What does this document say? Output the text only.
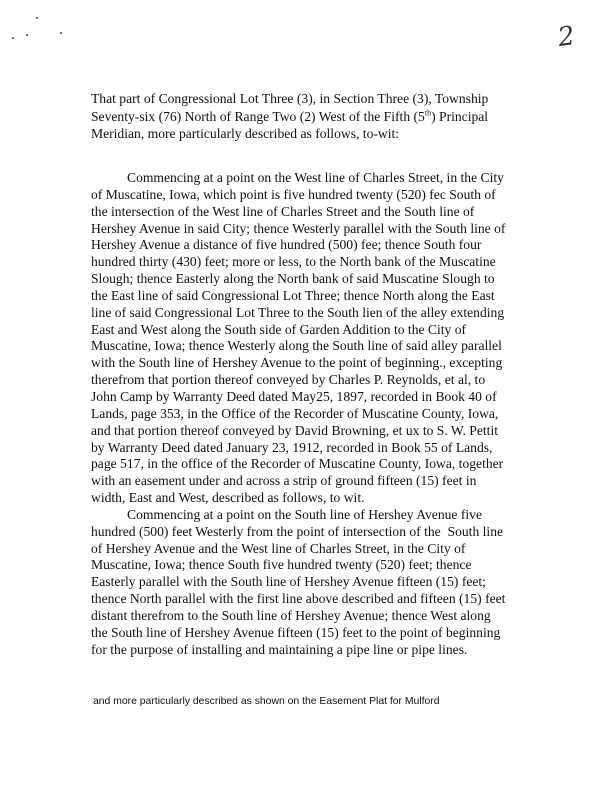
2
That part of Congressional Lot Three (3), in Section Three (3), Township
Seventy-six (76) North of Range Two (2) West of the Fifth (5th) Principal
Meridian, more particularly described as follows, to-wit:
Commencing at a point on the West line of Charles Street, in the City
of Muscatine, Iowa, which point is five hundred twenty (520) fec South of
the intersection of the West line of Charles Street and the South line of
Hershey Avenue in said City; thence Westerly parallel with the South line of
Hershey Avenue a distance of five hundred (500) fee; thence South four
hundred thirty (430) feet; more or less, to the North bank of the Muscatine
Slough; thence Easterly along the North bank of said Muscatine Slough to
the East line of said Congressional Lot Three; thence North along the East
line of said Congressional Lot Three to the South lien of the alley extending
East and West along the South side of Garden Addition to the City of
Muscatine, Iowa; thence Westerly along the South line of said alley parallel
with the South line of Hershey Avenue to the point of beginning., excepting
therefrom that portion thereof conveyed by Charles P. Reynolds, et al, to
John Camp by Warranty Deed dated May25, 1897, recorded in Book 40 of
Lands, page 353, in the Office of the Recorder of Muscatine County, Iowa,
and that portion thereof conveyed by David Browning, et ux to S. W. Pettit
by Warranty Deed dated January 23, 1912, recorded in Book 55 of Lands,
page 517, in the office of the Recorder of Muscatine County, Iowa, together
with an easement under and across a strip of ground fifteen (15) feet in
width, East and West, described as follows, to wit.
Commencing at a point on the South line of Hershey Avenue five
hundred (500) feet Westerly from the point of intersection of the  South line
of Hershey Avenue and the West line of Charles Street, in the City of
Muscatine, Iowa; thence South five hundred twenty (520) feet; thence
Easterly parallel with the South line of Hershey Avenue fifteen (15) feet;
thence North parallel with the first line above described and fifteen (15) feet
distant therefrom to the South line of Hershey Avenue; thence West along
the South line of Hershey Avenue fifteen (15) feet to the point of beginning
for the purpose of installing and maintaining a pipe line or pipe lines.
and more particularly described as shown on the Easement Plat for Mulford
